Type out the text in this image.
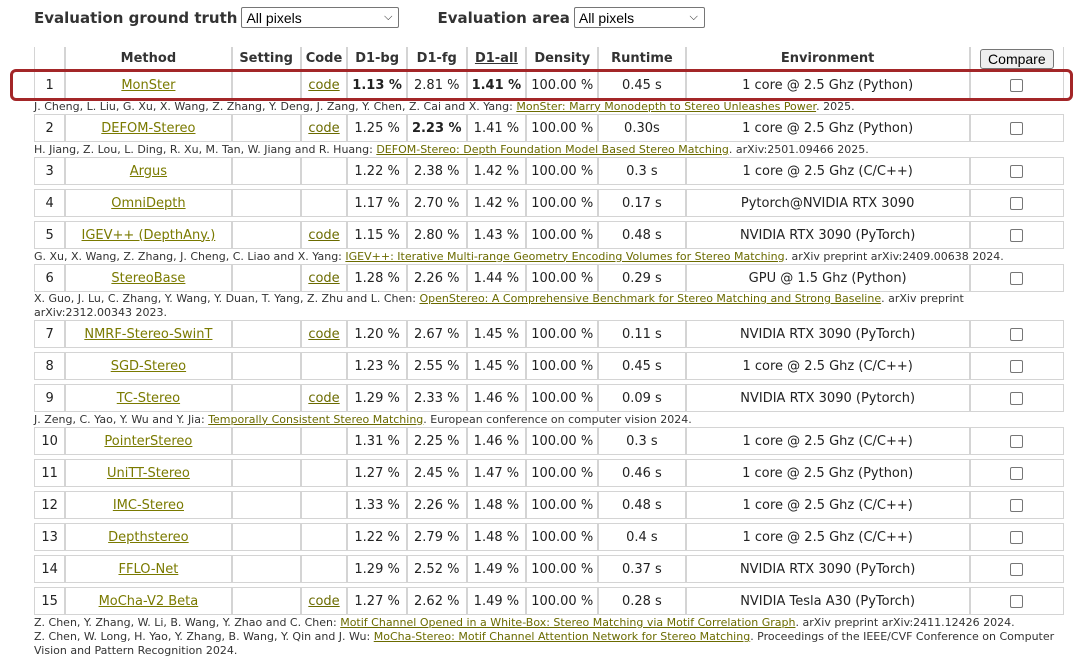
Evaluation ground truth All pixels	⌵	Evaluation area All pixels	⌵
	Method	Setting	Code	D1-bg	D1-fg	D1-all	Density	Runtime	Environment	Compare
1	MonSter		code	1.13 %	2.81 %	1.41 %	100.00 %	0.45 s	1 core @ 2.5 Ghz (Python)	
J. Cheng, L. Liu, G. Xu, X. Wang, Z. Zhang, Y. Deng, J. Zang, Y. Chen, Z. Cai and X. Yang: MonSter: Marry Monodepth to Stereo Unleashes Power. 2025.										
2	DEFOM-Stereo		code	1.25 %	2.23 %	1.41 %	100.00 %	0.30s	1 core @ 2.5 Ghz (Python)	
H. Jiang, Z. Lou, L. Ding, R. Xu, M. Tan, W. Jiang and R. Huang: DEFOM-Stereo: Depth Foundation Model Based Stereo Matching. arXiv:2501.09466 2025.										
3	Argus			1.22 %	2.38 %	1.42 %	100.00 %	0.3 s	1 core @ 2.5 Ghz (C/C++)	

4	OmniDepth			1.17 %	2.70 %	1.42 %	100.00 %	0.17 s	Pytorch@NVIDIA RTX 3090	

5	IGEV++ (DepthAny.)		code	1.15 %	2.80 %	1.43 %	100.00 %	0.48 s	NVIDIA RTX 3090 (PyTorch)	
G. Xu, X. Wang, Z. Zhang, J. Cheng, C. Liao and X. Yang: IGEV++: Iterative Multi-range Geometry Encoding Volumes for Stereo Matching. arXiv preprint arXiv:2409.00638 2024.										
6	StereoBase		code	1.28 %	2.26 %	1.44 %	100.00 %	0.29 s	GPU @ 1.5 Ghz (Python)	
X. Guo, J. Lu, C. Zhang, Y. Wang, Y. Duan, T. Yang, Z. Zhu and L. Chen: OpenStereo: A Comprehensive Benchmark for Stereo Matching and Strong Baseline. arXiv preprint arXiv:2312.00343 2023.										
7	NMRF-Stereo-SwinT		code	1.20 %	2.67 %	1.45 %	100.00 %	0.11 s	NVIDIA RTX 3090 (PyTorch)	

8	SGD-Stereo			1.23 %	2.55 %	1.45 %	100.00 %	0.45 s	1 core @ 2.5 Ghz (C/C++)	

9	TC-Stereo		code	1.29 %	2.33 %	1.46 %	100.00 %	0.09 s	NVIDIA RTX 3090 (Pytorch)	
J. Zeng, C. Yao, Y. Wu and Y. Jia: Temporally Consistent Stereo Matching. European conference on computer vision 2024.										
10	PointerStereo			1.31 %	2.25 %	1.46 %	100.00 %	0.3 s	1 core @ 2.5 Ghz (C/C++)	

11	UniTT-Stereo			1.27 %	2.45 %	1.47 %	100.00 %	0.46 s	1 core @ 2.5 Ghz (Python)	

12	IMC-Stereo			1.33 %	2.26 %	1.48 %	100.00 %	0.48 s	1 core @ 2.5 Ghz (C/C++)	

13	Depthstereo			1.22 %	2.79 %	1.48 %	100.00 %	0.4 s	1 core @ 2.5 Ghz (C/C++)	

14	FFLO-Net			1.29 %	2.52 %	1.49 %	100.00 %	0.37 s	NVIDIA RTX 3090 (PyTorch)	

15	MoCha-V2 Beta		code	1.27 %	2.62 %	1.49 %	100.00 %	0.28 s	NVIDIA Tesla A30 (PyTorch)	
Z. Chen, Y. Zhang, W. Li, B. Wang, Y. Zhao and C. Chen: Motif Channel Opened in a White-Box: Stereo Matching via Motif Correlation Graph. arXiv preprint arXiv:2411.12426 2024.										
Z. Chen, W. Long, H. Yao, Y. Zhang, B. Wang, Y. Qin and J. Wu: MoCha-Stereo: Motif Channel Attention Network for Stereo Matching. Proceedings of the IEEE/CVF Conference on Computer Vision and Pattern Recognition 2024.										
